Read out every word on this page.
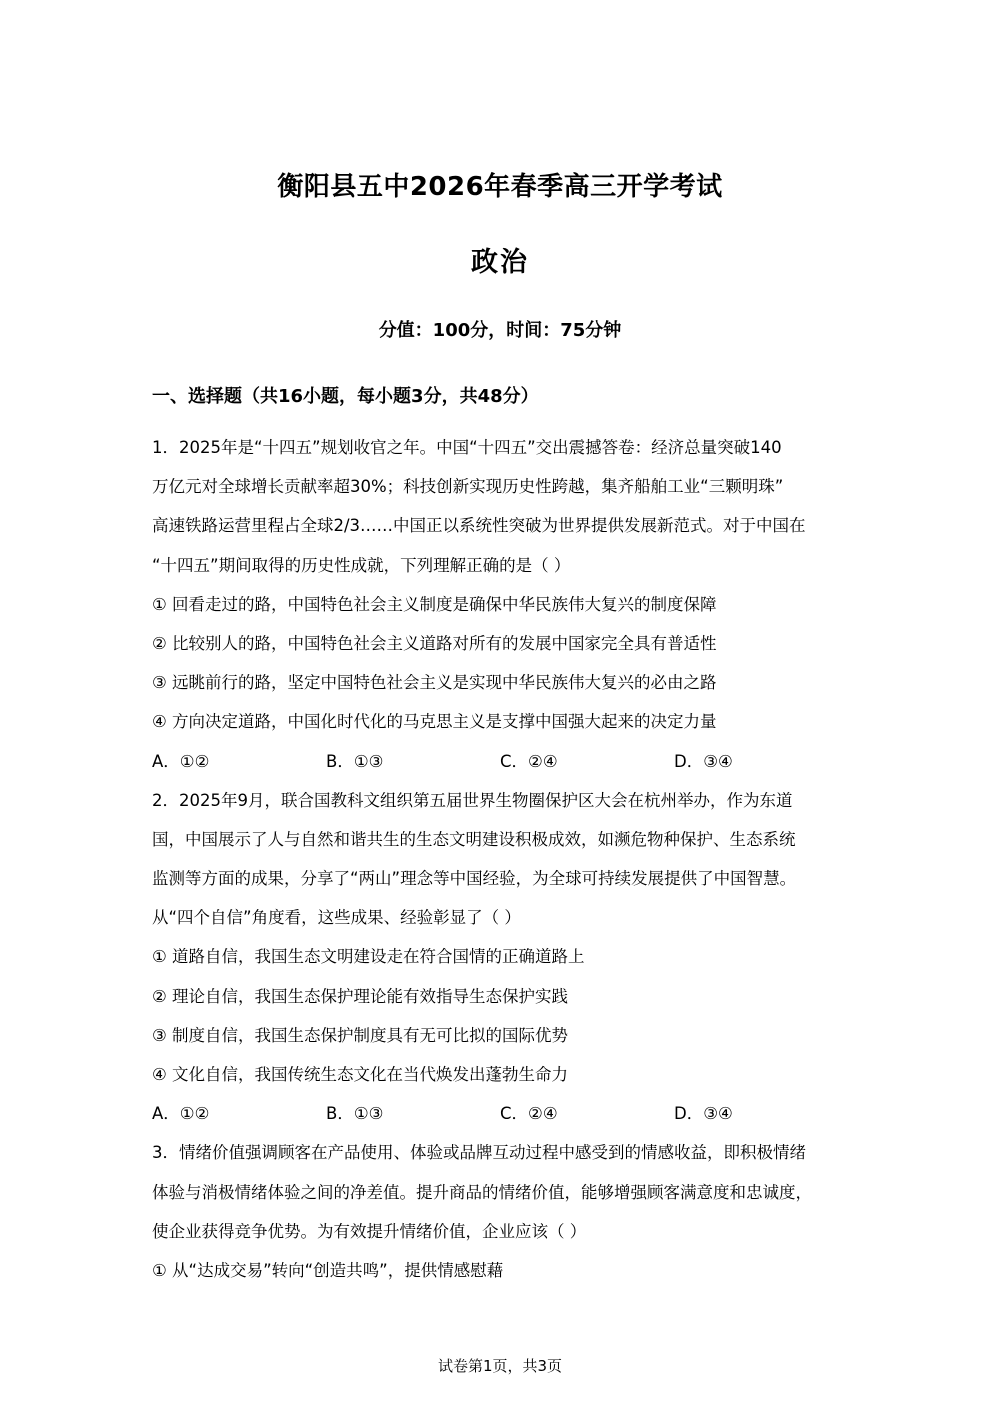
衡阳县五中2026年春季高三开学考试
政治
分值：100分，时间：75分钟
一、选择题（共16小题，每小题3分，共48分）
1．2025年是“十四五”规划收官之年。中国“十四五”交出震撼答卷：经济总量突破140
万亿元对全球增长贡献率超30%；科技创新实现历史性跨越，集齐船舶工业“三颗明珠”
高速铁路运营里程占全球2/3……中国正以系统性突破为世界提供发展新范式。对于中国在
“十四五”期间取得的历史性成就，下列理解正确的是（ ）
① 回看走过的路，中国特色社会主义制度是确保中华民族伟大复兴的制度保障
② 比较别人的路，中国特色社会主义道路对所有的发展中国家完全具有普适性
③ 远眺前行的路，坚定中国特色社会主义是实现中华民族伟大复兴的必由之路
④ 方向决定道路，中国化时代化的马克思主义是支撑中国强大起来的决定力量
A．①②	B．①③	C．②④	D．③④
2．2025年9月，联合国教科文组织第五届世界生物圈保护区大会在杭州举办，作为东道
国，中国展示了人与自然和谐共生的生态文明建设积极成效，如濒危物种保护、生态系统
监测等方面的成果，分享了“两山”理念等中国经验，为全球可持续发展提供了中国智慧。
从“四个自信”角度看，这些成果、经验彰显了（ ）
① 道路自信，我国生态文明建设走在符合国情的正确道路上
② 理论自信，我国生态保护理论能有效指导生态保护实践
③ 制度自信，我国生态保护制度具有无可比拟的国际优势
④ 文化自信，我国传统生态文化在当代焕发出蓬勃生命力
A．①②	B．①③	C．②④	D．③④
3．情绪价值强调顾客在产品使用、体验或品牌互动过程中感受到的情感收益，即积极情绪
体验与消极情绪体验之间的净差值。提升商品的情绪价值，能够增强顾客满意度和忠诚度，
使企业获得竞争优势。为有效提升情绪价值，企业应该（ ）
① 从“达成交易”转向“创造共鸣”，提供情感慰藉
试卷第1页，共3页
